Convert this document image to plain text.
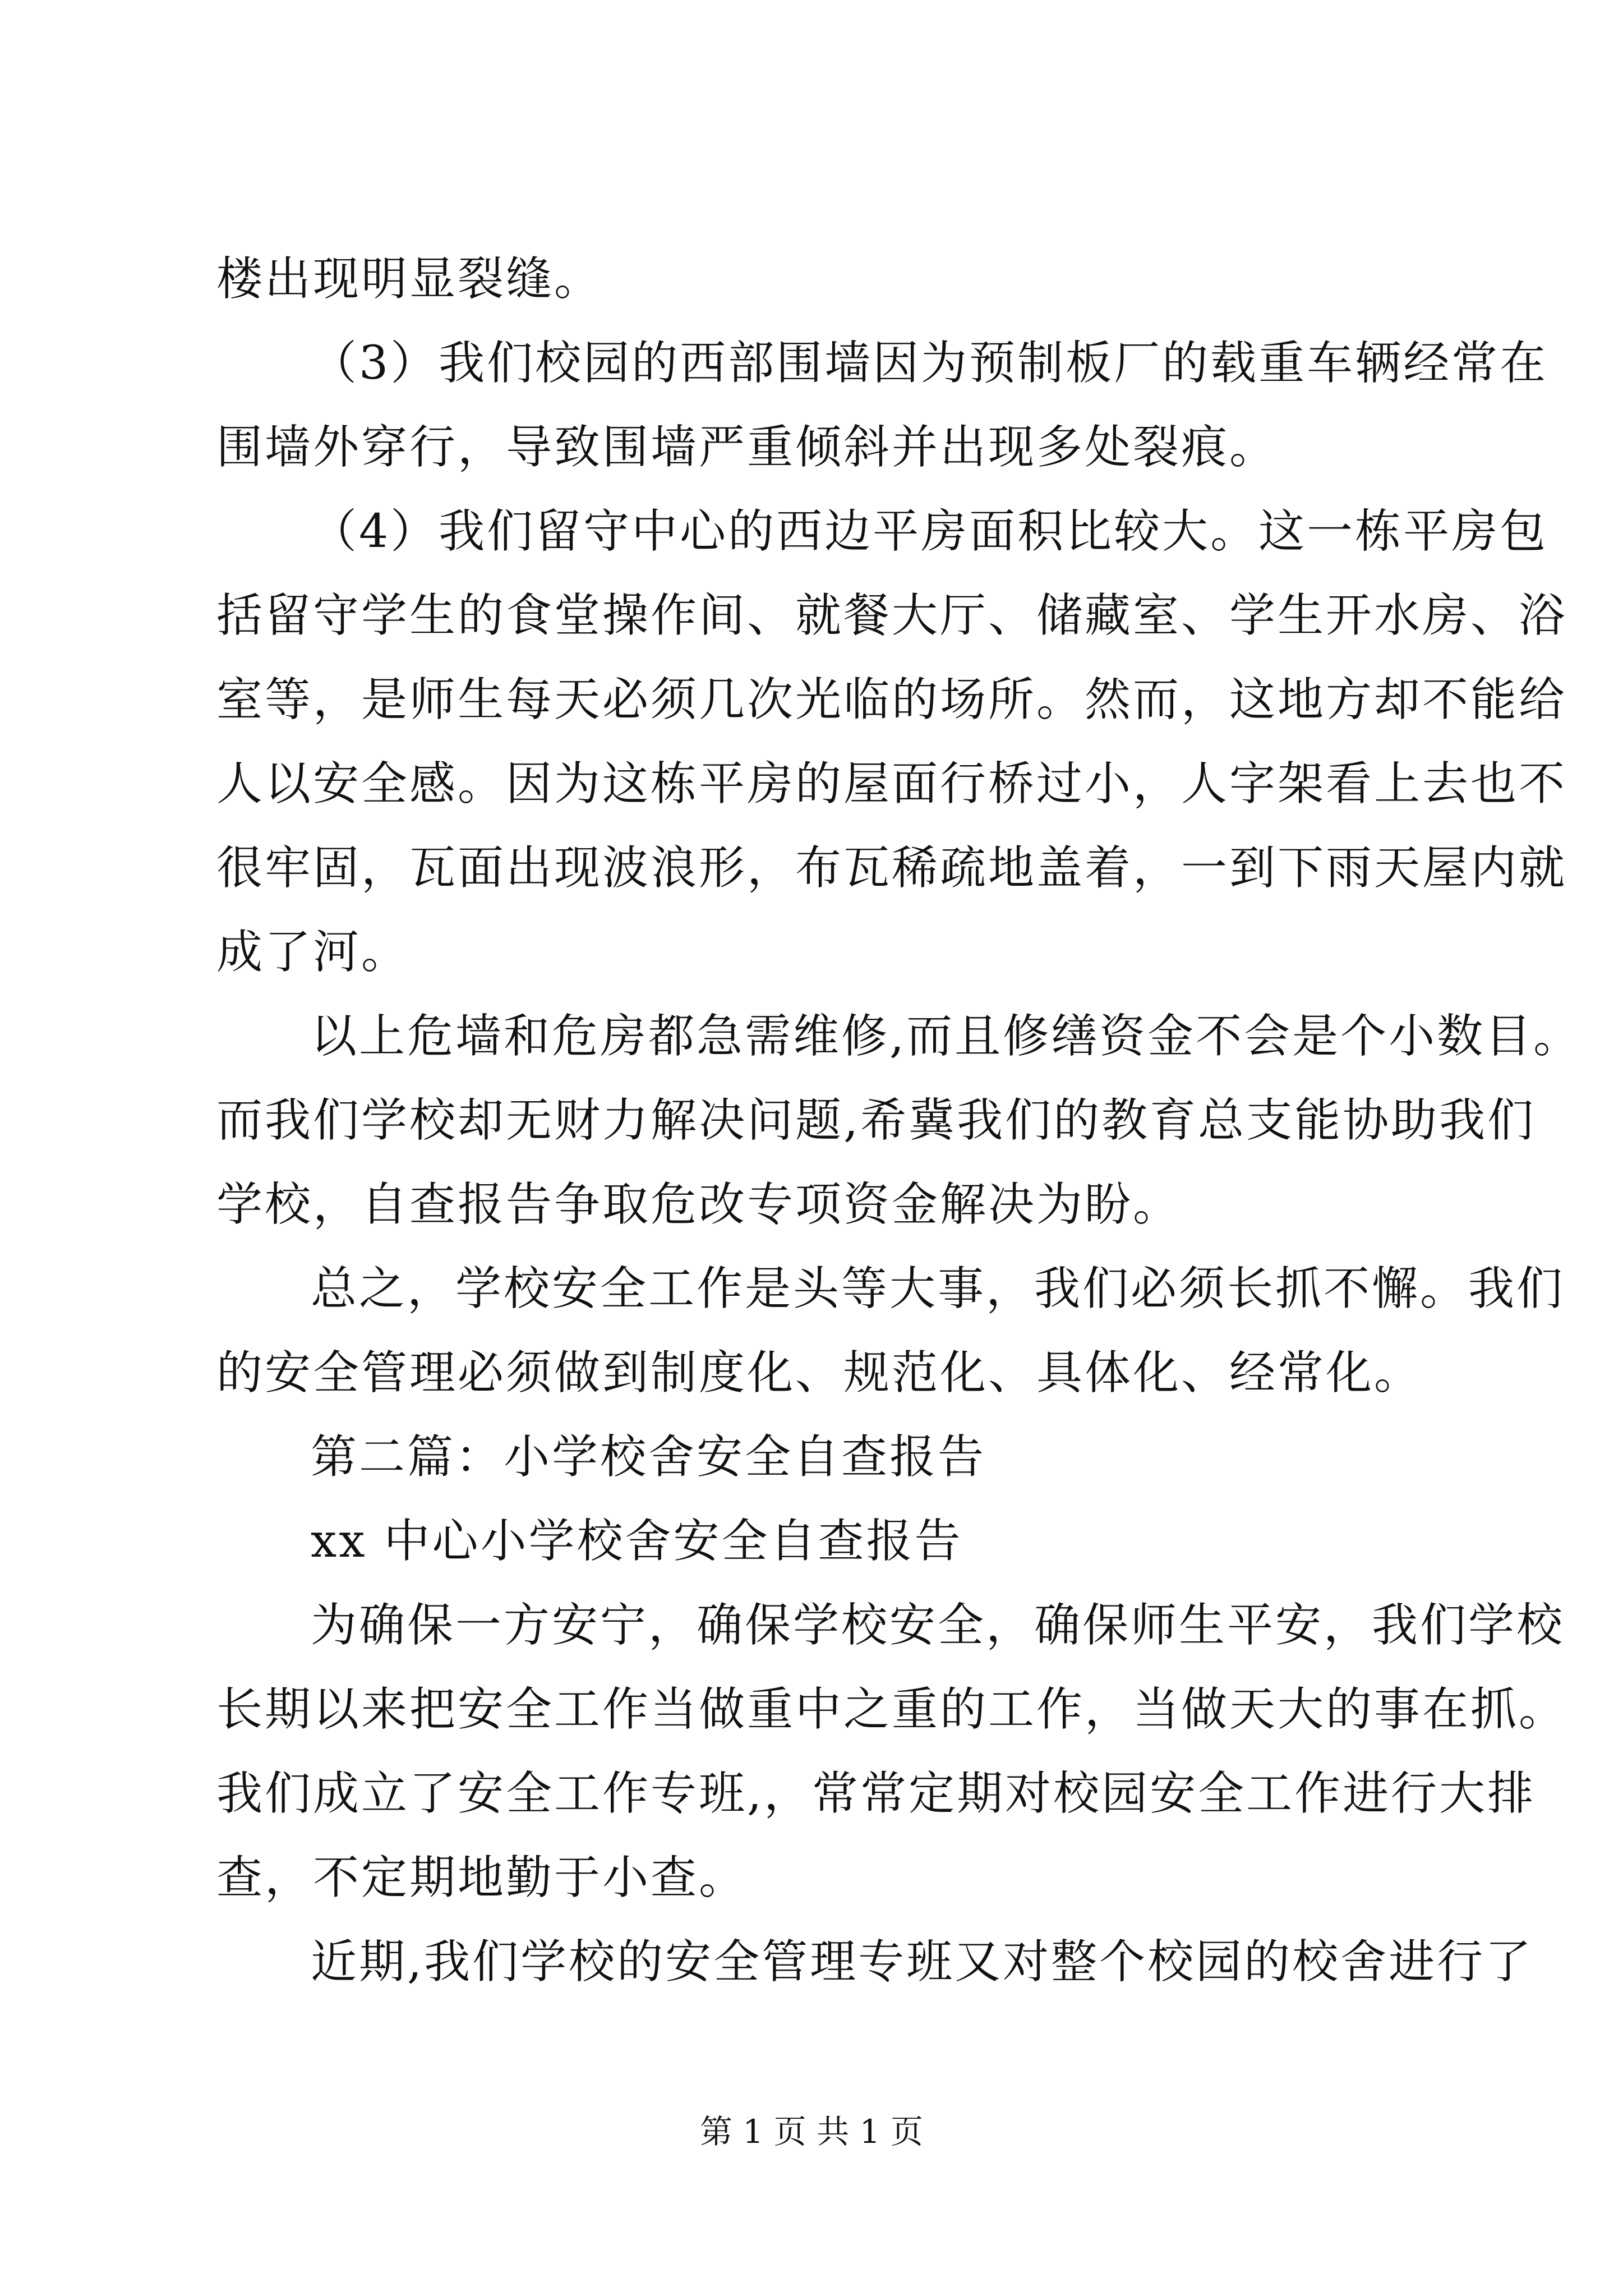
楼出现明显裂缝。
（3）我们校园的西部围墙因为预制板厂的载重车辆经常在
围墙外穿行，导致围墙严重倾斜并出现多处裂痕。
（4）我们留守中心的西边平房面积比较大。这一栋平房包
括留守学生的食堂操作间、就餐大厅、储藏室、学生开水房、浴
室等，是师生每天必须几次光临的场所。然而，这地方却不能给
人以安全感。因为这栋平房的屋面行桥过小，人字架看上去也不
很牢固，瓦面出现波浪形，布瓦稀疏地盖着，一到下雨天屋内就
成了河。
以上危墙和危房都急需维修,而且修缮资金不会是个小数目。
而我们学校却无财力解决问题,希冀我们的教育总支能协助我们
学校，自查报告争取危改专项资金解决为盼。
总之，学校安全工作是头等大事，我们必须长抓不懈。我们
的安全管理必须做到制度化、规范化、具体化、经常化。
第二篇：小学校舍安全自查报告
xx 中心小学校舍安全自查报告
为确保一方安宁，确保学校安全，确保师生平安，我们学校
长期以来把安全工作当做重中之重的工作，当做天大的事在抓。
我们成立了安全工作专班,，常常定期对校园安全工作进行大排
查，不定期地勤于小查。
近期,我们学校的安全管理专班又对整个校园的校舍进行了
第 1 页 共 1 页
